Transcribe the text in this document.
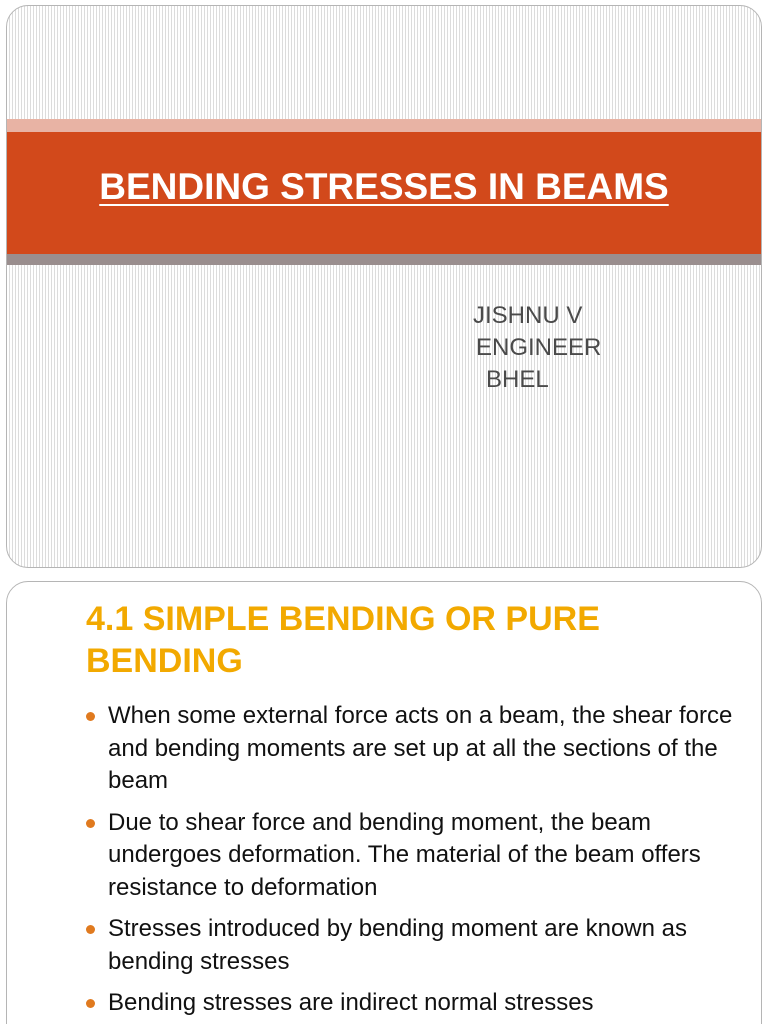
BENDING STRESSES IN BEAMS
JISHNU V
ENGINEER
BHEL
4.1 SIMPLE BENDING OR PURE BENDING
When some external force acts on a beam, the shear force and bending moments are set up at all the sections of the beam
Due to shear force and bending moment, the beam undergoes deformation. The material of the beam offers resistance to deformation
Stresses introduced by bending moment are known as bending stresses
Bending stresses are indirect normal stresses
